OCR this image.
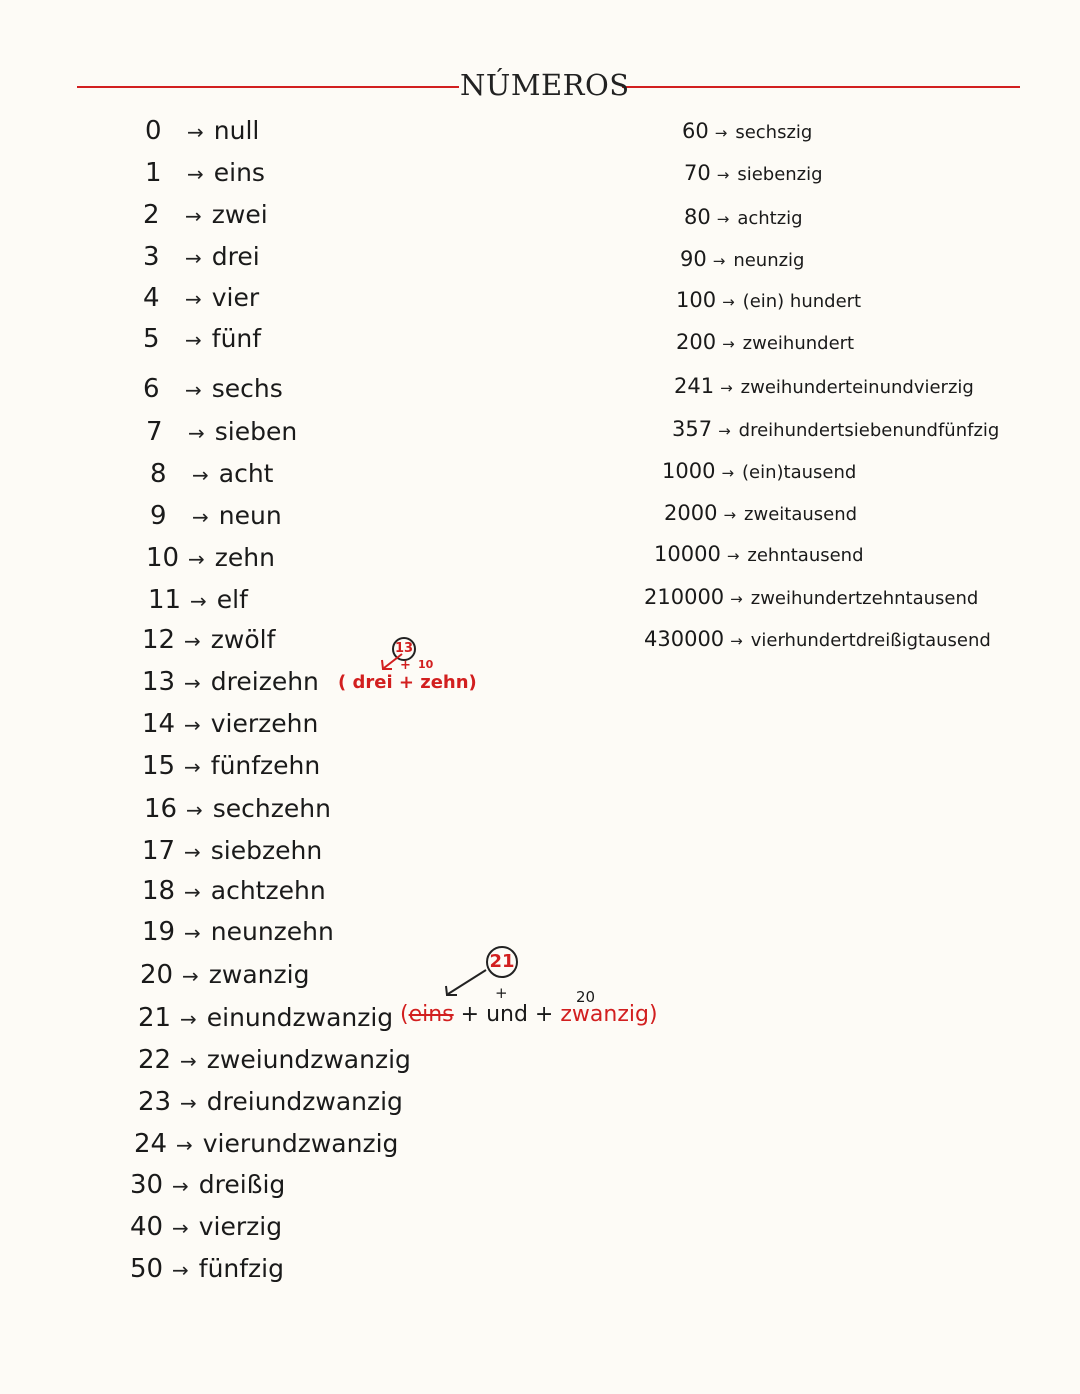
NÚMEROS
0 → null
1 → eins
2 → zwei
3 → drei
4 → vier
5 → fünf
6 → sechs
7 → sieben
8 → acht
9 → neun
10 → zehn
11 → elf
12 → zwölf
13 → dreizehn
14 → vierzehn
15 → fünfzehn
16 → sechzehn
17 → siebzehn
18 → achtzehn
19 → neunzehn
20 → zwanzig
21 → einundzwanzig
22 → zweiundzwanzig
23 → dreiundzwanzig
24 → vierundzwanzig
30 → dreißig
40 → vierzig
50 → fünfzig
60 → sechszig
70 → siebenzig
80 → achtzig
90 → neunzig
100 → (ein) hundert
200 → zweihundert
241 → zweihunderteinundvierzig
357 → dreihundertsiebenundfünfzig
1000 → (ein)tausend
2000 → zweitausend
10000 → zehntausend
210000 → zweihundertzehntausend
430000 → vierhundertdreißigtausend
13
+ 10
( drei + zehn)
21
+	20
(eins + und + zwanzig)
